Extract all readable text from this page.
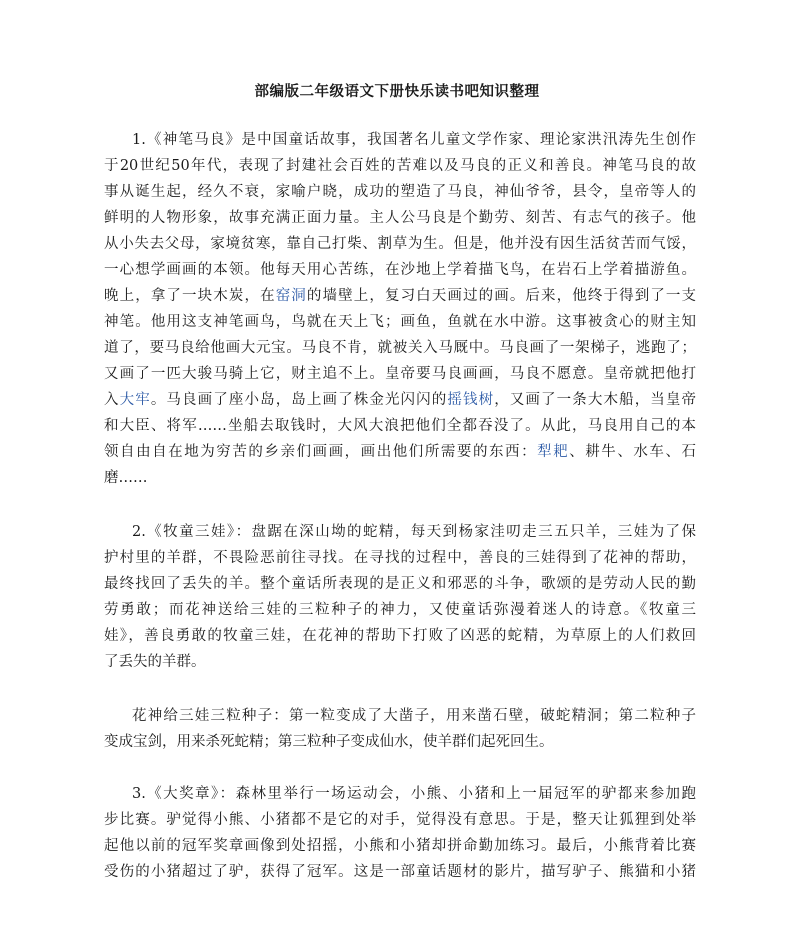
部编版二年级语文下册快乐读书吧知识整理
1.《神笔马良》是中国童话故事，我国著名儿童文学作家、理论家洪汛涛先生创作
于20世纪50年代，表现了封建社会百姓的苦难以及马良的正义和善良。神笔马良的故
事从诞生起，经久不衰，家喻户晓，成功的塑造了马良，神仙爷爷，县令，皇帝等人的
鲜明的人物形象，故事充满正面力量。主人公马良是个勤劳、刻苦、有志气的孩子。他
从小失去父母，家境贫寒，靠自己打柴、割草为生。但是，他并没有因生活贫苦而气馁，
一心想学画画的本领。他每天用心苦练，在沙地上学着描飞鸟，在岩石上学着描游鱼。
晚上，拿了一块木炭，在窑洞的墙壁上，复习白天画过的画。后来，他终于得到了一支
神笔。他用这支神笔画鸟，鸟就在天上飞；画鱼，鱼就在水中游。这事被贪心的财主知
道了，要马良给他画大元宝。马良不肯，就被关入马厩中。马良画了一架梯子，逃跑了；
又画了一匹大骏马骑上它，财主追不上。皇帝要马良画画，马良不愿意。皇帝就把他打
入大牢。马良画了座小岛，岛上画了株金光闪闪的摇钱树，又画了一条大木船，当皇帝
和大臣、将军……坐船去取钱时，大风大浪把他们全都吞没了。从此，马良用自己的本
领自由自在地为穷苦的乡亲们画画，画出他们所需要的东西：犁耙、耕牛、水车、石
磨……
2.《牧童三娃》：盘踞在深山坳的蛇精，每天到杨家洼叨走三五只羊，三娃为了保
护村里的羊群，不畏险恶前往寻找。在寻找的过程中，善良的三娃得到了花神的帮助，
最终找回了丢失的羊。整个童话所表现的是正义和邪恶的斗争，歌颂的是劳动人民的勤
劳勇敢；而花神送给三娃的三粒种子的神力，又使童话弥漫着迷人的诗意。《牧童三
娃》，善良勇敢的牧童三娃，在花神的帮助下打败了凶恶的蛇精，为草原上的人们救回
了丢失的羊群。
花神给三娃三粒种子：第一粒变成了大凿子，用来凿石壁，破蛇精洞；第二粒种子
变成宝剑，用来杀死蛇精；第三粒种子变成仙水，使羊群们起死回生。
3.《大奖章》：森林里举行一场运动会，小熊、小猪和上一届冠军的驴都来参加跑
步比赛。驴觉得小熊、小猪都不是它的对手，觉得没有意思。于是，整天让狐狸到处举
起他以前的冠军奖章画像到处招摇，小熊和小猪却拼命勤加练习。最后，小熊背着比赛
受伤的小猪超过了驴，获得了冠军。这是一部童话题材的影片，描写驴子、熊猫和小猪
